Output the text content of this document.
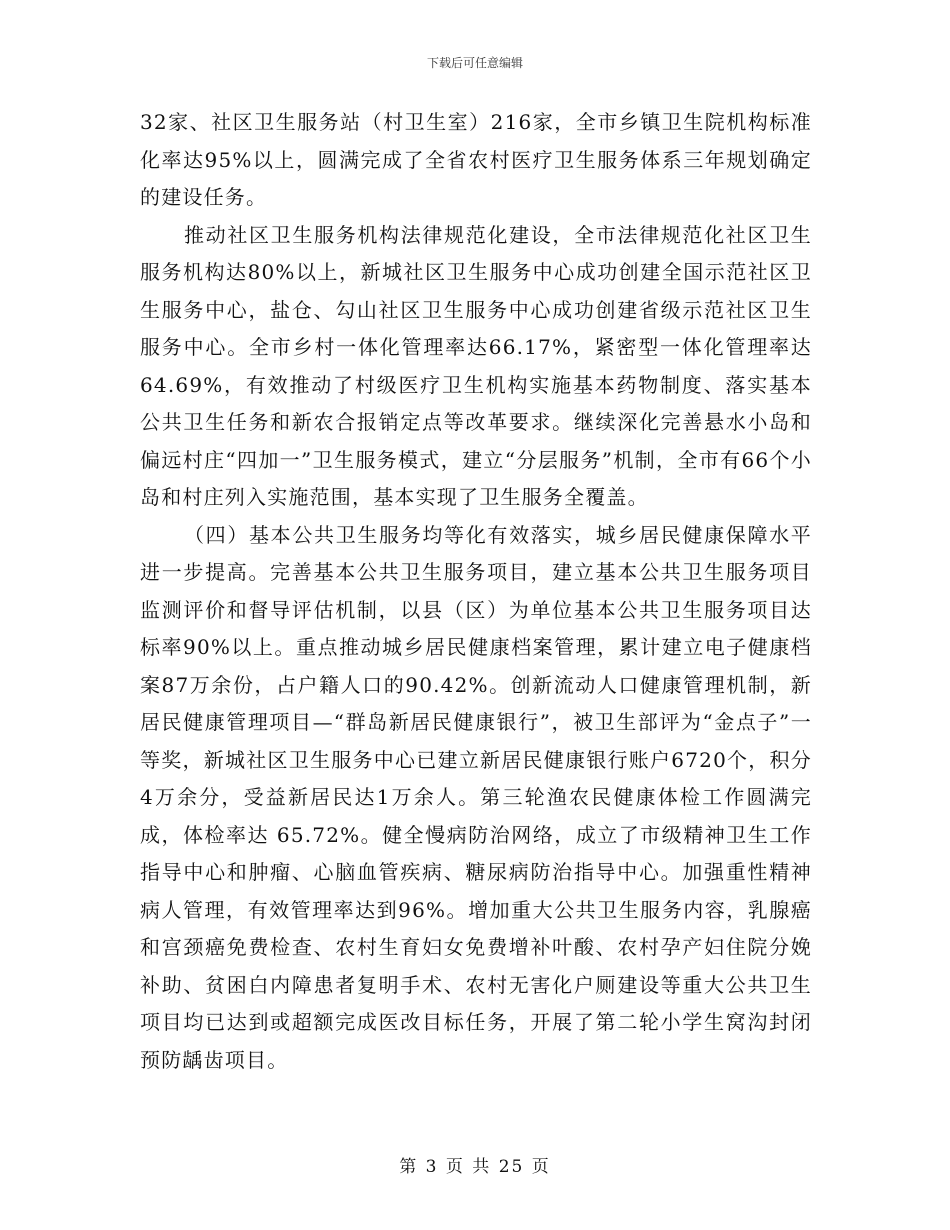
下载后可任意编辑

32家、社区卫生服务站（村卫生室）216家，全市乡镇卫生院机构标准化率达95%以上，圆满完成了全省农村医疗卫生服务体系三年规划确定的建设任务。

推动社区卫生服务机构法律规范化建设，全市法律规范化社区卫生服务机构达80%以上，新城社区卫生服务中心成功创建全国示范社区卫生服务中心，盐仓、勾山社区卫生服务中心成功创建省级示范社区卫生服务中心。全市乡村一体化管理率达66.17%，紧密型一体化管理率达64.69%，有效推动了村级医疗卫生机构实施基本药物制度、落实基本公共卫生任务和新农合报销定点等改革要求。继续深化完善悬水小岛和偏远村庄“四加一”卫生服务模式，建立“分层服务”机制，全市有66个小岛和村庄列入实施范围，基本实现了卫生服务全覆盖。

（四）基本公共卫生服务均等化有效落实，城乡居民健康保障水平进一步提高。完善基本公共卫生服务项目，建立基本公共卫生服务项目监测评价和督导评估机制，以县（区）为单位基本公共卫生服务项目达标率90%以上。重点推动城乡居民健康档案管理，累计建立电子健康档案87万余份，占户籍人口的90.42%。创新流动人口健康管理机制，新居民健康管理项目—“群岛新居民健康银行”，被卫生部评为“金点子”一等奖，新城社区卫生服务中心已建立新居民健康银行账户6720个，积分4万余分，受益新居民达1万余人。第三轮渔农民健康体检工作圆满完成，体检率达 65.72%。健全慢病防治网络，成立了市级精神卫生工作指导中心和肿瘤、心脑血管疾病、糖尿病防治指导中心。加强重性精神病人管理，有效管理率达到96%。增加重大公共卫生服务内容，乳腺癌和宫颈癌免费检查、农村生育妇女免费增补叶酸、农村孕产妇住院分娩补助、贫困白内障患者复明手术、农村无害化户厕建设等重大公共卫生项目均已达到或超额完成医改目标任务，开展了第二轮小学生窝沟封闭预防龋齿项目。

第 3 页 共 25 页
